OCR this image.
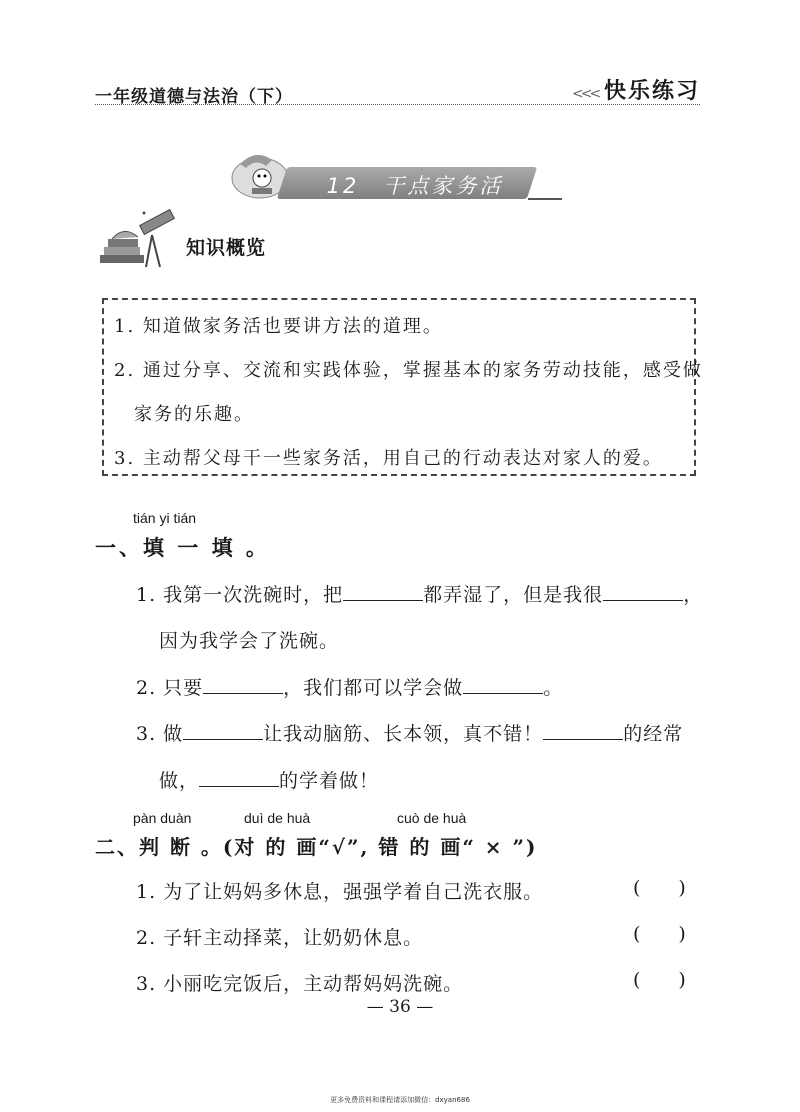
一年级道德与法治（下）	<<< 快乐练习
12　干点家务活
知识概览
1. 知道做家务活也要讲方法的道理。
2. 通过分享、交流和实践体验，掌握基本的家务劳动技能，感受做
家务的乐趣。
3. 主动帮父母干一些家务活，用自己的行动表达对家人的爱。
tián yi tián
一、填 一 填 。
1. 我第一次洗碗时，把	都弄湿了，但是我很	，
因为我学会了洗碗。
2. 只要	，我们都可以学会做	。
3. 做	让我动脑筋、长本领，真不错！	的经常
做，	的学着做！
pàn duàn	duì de huà	cuò de huà
二、判 断 。(对 的 画“√”, 错 的 画“ × ”)
1. 为了让妈妈多休息，强强学着自己洗衣服。	()
2. 子轩主动择菜，让奶奶休息。	()
3. 小丽吃完饭后，主动帮妈妈洗碗。	()
— 36 —
更多免费资料和课程请添加微信：dxyan686
